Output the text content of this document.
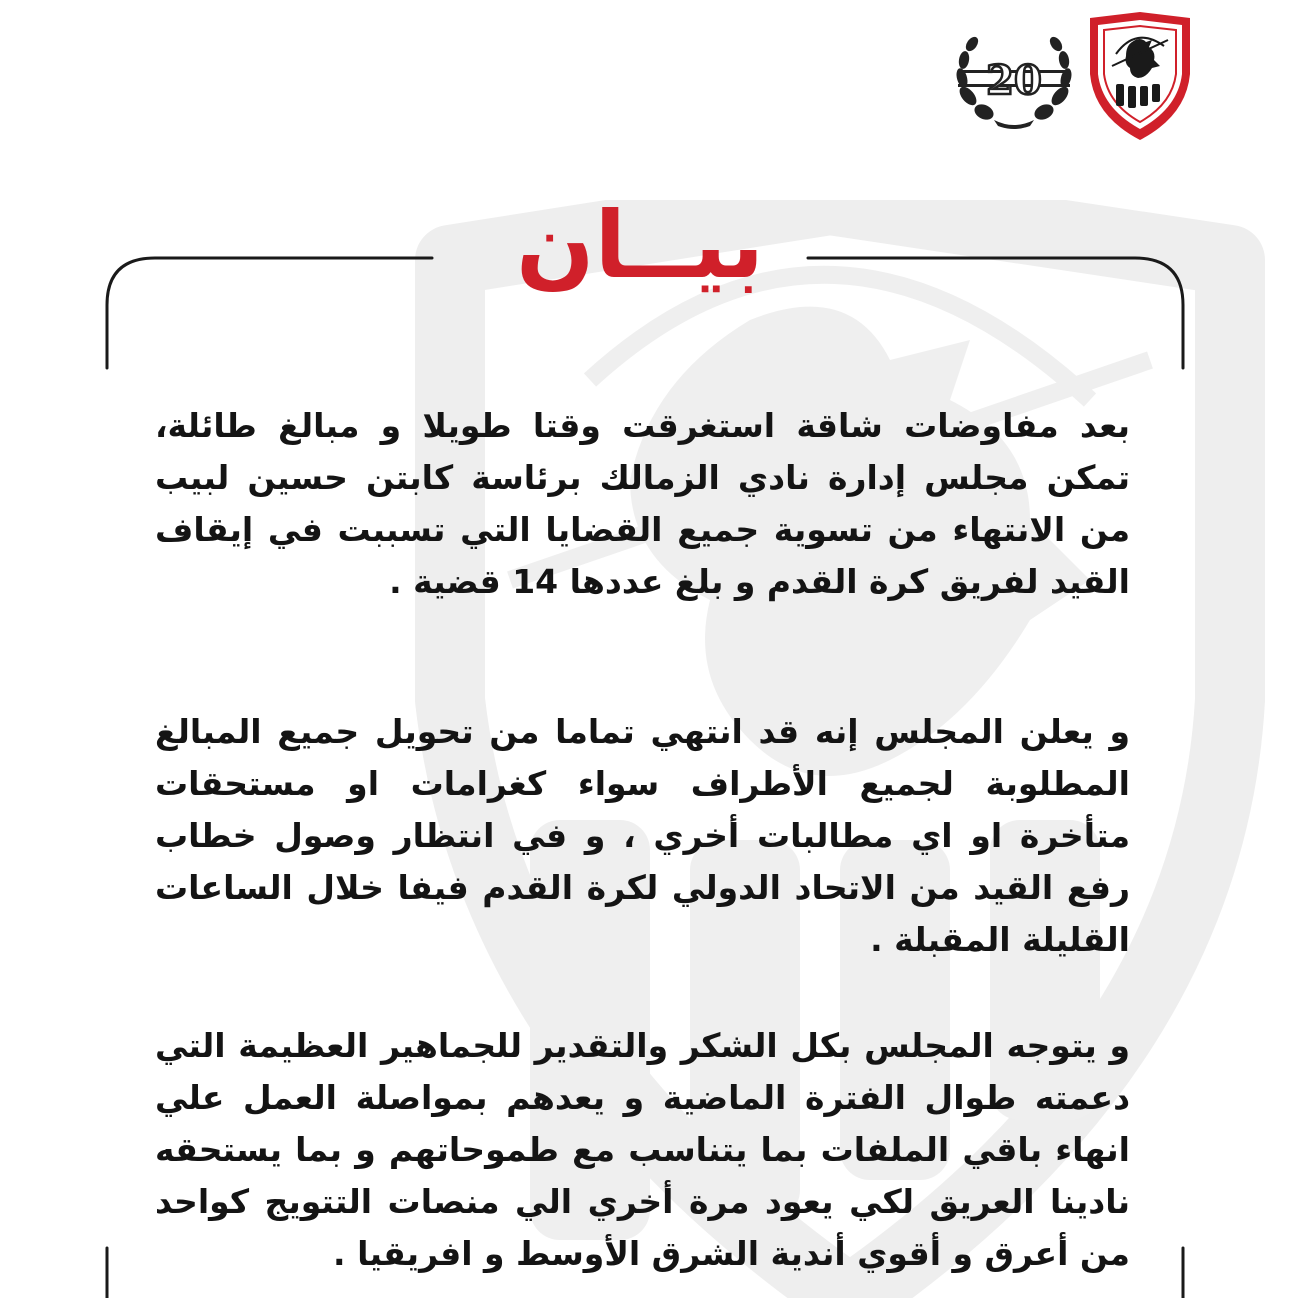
20
بيــان

بعد مفاوضات شاقة استغرقت وقتا طويلا و مبالغ طائلة، تمكن مجلس إدارة نادي الزمالك برئاسة كابتن حسين لبيب من الانتهاء من تسوية جميع القضايا التي تسببت في إيقاف القيد لفريق كرة القدم و بلغ عددها 14 قضية .

و يعلن المجلس إنه قد انتهي تماما من تحويل جميع المبالغ المطلوبة لجميع الأطراف سواء كغرامات او مستحقات متأخرة او اي مطالبات أخري ، و في انتظار وصول خطاب رفع القيد من الاتحاد الدولي لكرة القدم فيفا خلال الساعات القليلة المقبلة .

و يتوجه المجلس بكل الشكر والتقدير للجماهير العظيمة التي دعمته طوال الفترة الماضية و يعدهم بمواصلة العمل علي انهاء باقي الملفات بما يتناسب مع طموحاتهم و بما يستحقه نادينا العريق لكي يعود مرة أخري الي منصات التتويج كواحد من أعرق و أقوي أندية الشرق الأوسط و افريقيا .
